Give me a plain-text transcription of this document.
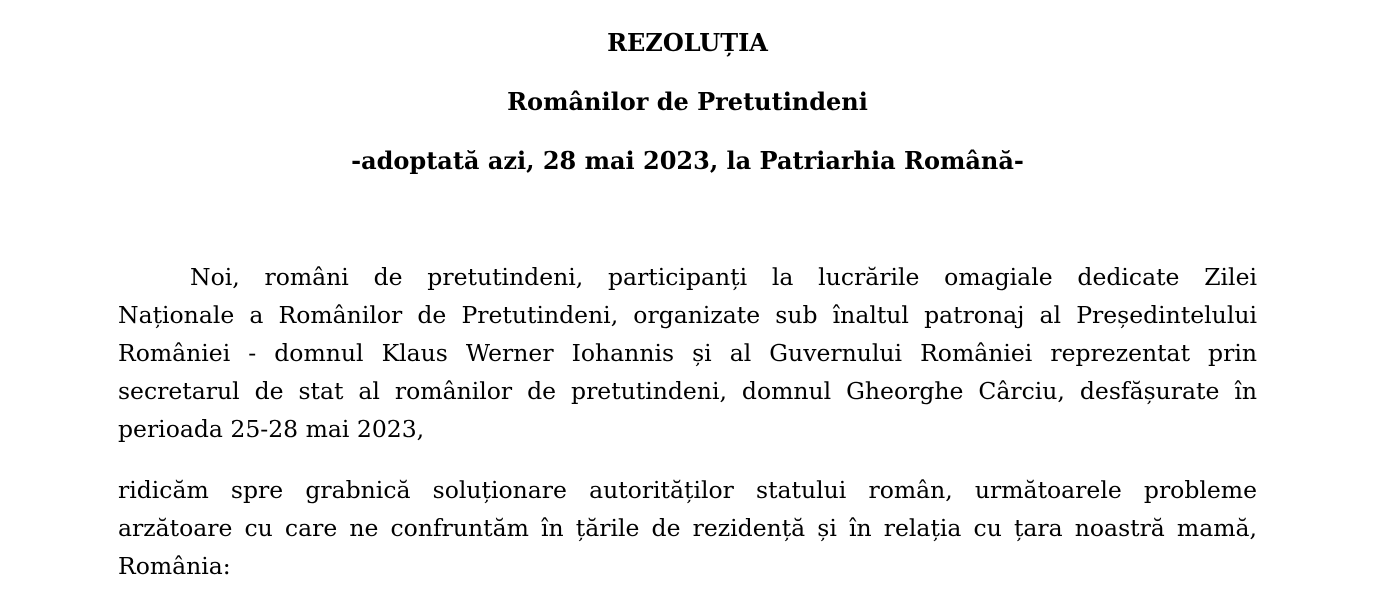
REZOLUȚIA
Românilor de Pretutindeni
-adoptată azi, 28 mai 2023, la Patriarhia Română-
Noi, români de pretutindeni, participanți la lucrările omagiale dedicate Zilei
Naționale a Românilor de Pretutindeni, organizate sub înaltul patronaj al Președintelului
României - domnul Klaus Werner Iohannis și al Guvernului României reprezentat prin
secretarul de stat al românilor de pretutindeni, domnul Gheorghe Cârciu, desfășurate în
perioada 25-28 mai 2023,
ridicăm spre grabnică soluționare autorităților statului român, următoarele probleme
arzătoare cu care ne confruntăm în țările de rezidență și în relația cu țara noastră mamă,
România:
